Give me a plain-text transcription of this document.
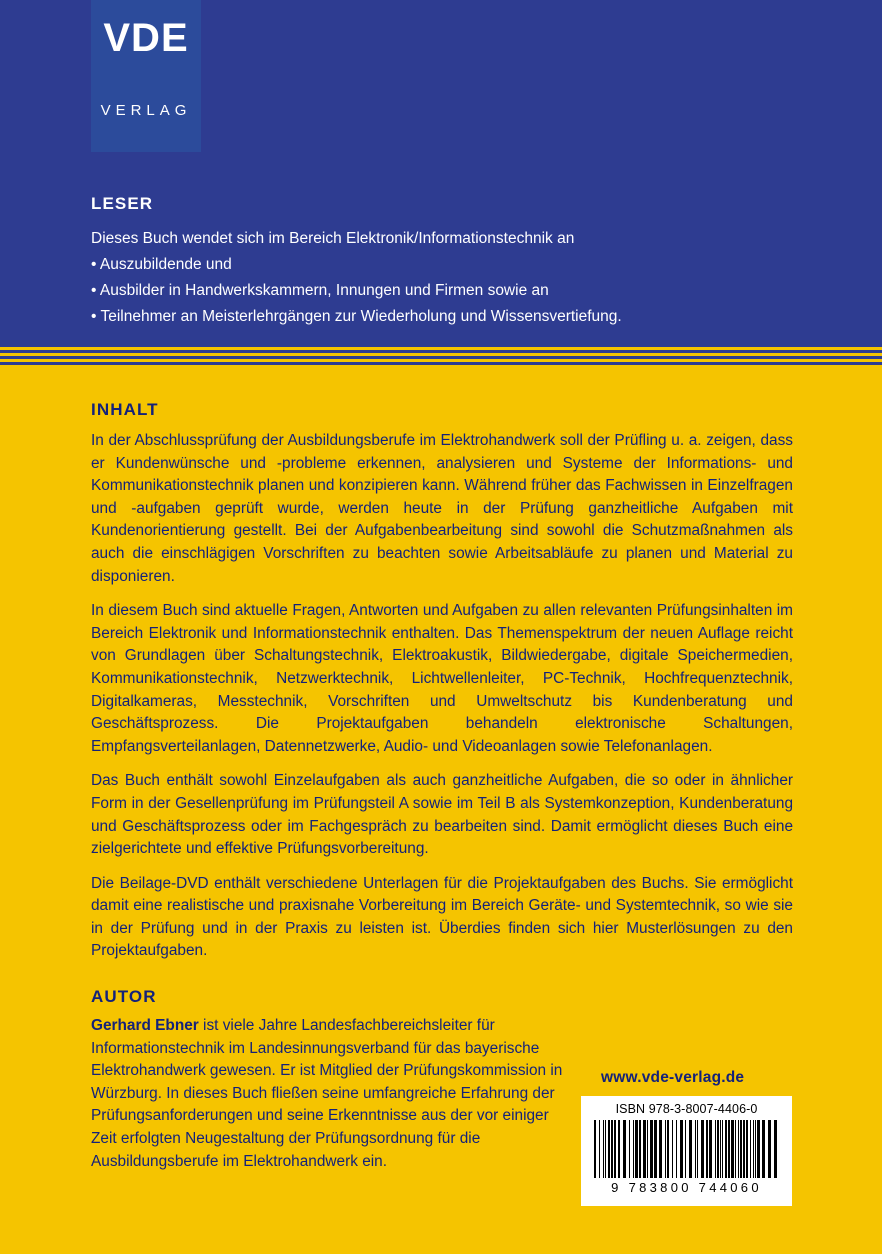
VDE
VERLAG
LESER
Dieses Buch wendet sich im Bereich Elektronik/Informationstechnik an
• Auszubildende und
• Ausbilder in Handwerkskammern, Innungen und Firmen sowie an
• Teilnehmer an Meisterlehrgängen zur Wiederholung und Wissensvertiefung.
INHALT

In der Abschlussprüfung der Ausbildungsberufe im Elektrohandwerk soll der Prüfling u. a. zeigen, dass er Kundenwünsche und -probleme erkennen, analysieren und Systeme der Informations- und Kommunikationstechnik planen und konzipieren kann. Während früher das Fachwissen in Einzelfragen und -aufgaben geprüft wurde, werden heute in der Prüfung ganzheitliche Aufgaben mit Kundenorientierung gestellt. Bei der Aufgabenbearbeitung sind sowohl die Schutzmaßnahmen als auch die einschlägigen Vorschriften zu beachten sowie Arbeitsabläufe zu planen und Material zu disponieren.

In diesem Buch sind aktuelle Fragen, Antworten und Aufgaben zu allen relevanten Prüfungsinhalten im Bereich Elektronik und Informationstechnik enthalten. Das Themenspektrum der neuen Auflage reicht von Grundlagen über Schaltungstechnik, Elektroakustik, Bildwiedergabe, digitale Speichermedien, Kommunikationstechnik, Netzwerktechnik, Lichtwellenleiter, PC-Technik, Hochfrequenztechnik, Digitalkameras, Messtechnik, Vorschriften und Umweltschutz bis Kundenberatung und Geschäftsprozess. Die Projektaufgaben behandeln elektronische Schaltungen, Empfangsverteilanlagen, Datennetzwerke, Audio- und Videoanlagen sowie Telefonanlagen.

Das Buch enthält sowohl Einzelaufgaben als auch ganzheitliche Aufgaben, die so oder in ähnlicher Form in der Gesellenprüfung im Prüfungsteil A sowie im Teil B als Systemkonzeption, Kundenberatung und Geschäftsprozess oder im Fachgespräch zu bearbeiten sind. Damit ermöglicht dieses Buch eine zielgerichtete und effektive Prüfungsvorbereitung.

Die Beilage-DVD enthält verschiedene Unterlagen für die Projektaufgaben des Buchs. Sie ermöglicht damit eine realistische und praxisnahe Vorbereitung im Bereich Geräte- und Systemtechnik, so wie sie in der Prüfung und in der Praxis zu leisten ist. Überdies finden sich hier Musterlösungen zu den Projektaufgaben.

AUTOR
Gerhard Ebner ist viele Jahre Landesfachbereichsleiter für Informationstechnik im Landesinnungsverband für das bayerische Elektrohandwerk gewesen. Er ist Mitglied der Prüfungskommission in Würzburg. In dieses Buch fließen seine umfangreiche Erfahrung der Prüfungsanforderungen und seine Erkenntnisse aus der vor einiger Zeit erfolgten Neugestaltung der Prüfungsordnung für die Ausbildungsberufe im Elektrohandwerk ein.
www.vde-verlag.de
ISBN 978-3-8007-4406-0
9 783800 744060
